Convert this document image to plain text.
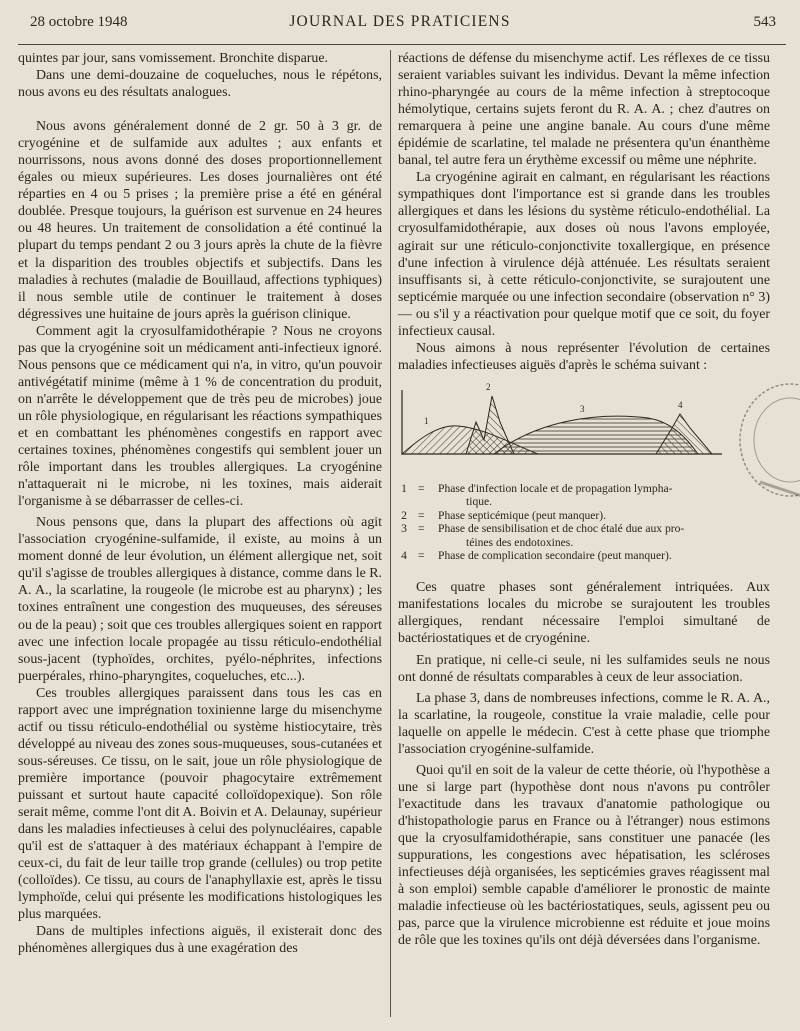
28 octobre 1948	JOURNAL DES PRATICIENS	543

quintes par jour, sans vomissement. Bronchite disparue.

Dans une demi-douzaine de coqueluches, nous le répétons, nous avons eu des résultats analogues.

Nous avons généralement donné de 2 gr. 50 à 3 gr. de cryogénine et de sulfamide aux adultes ; aux enfants et nourrissons, nous avons donné des doses proportionnellement égales ou mieux supérieures. Les doses journalières ont été réparties en 4 ou 5 prises ; la première prise a été en général doublée. Presque toujours, la guérison est survenue en 24 heures ou 48 heures. Un traitement de consolidation a été continué la plupart du temps pendant 2 ou 3 jours après la chute de la fièvre et la disparition des troubles objectifs et subjectifs. Dans les maladies à rechutes (maladie de Bouillaud, affections typhiques) il nous semble utile de continuer le traitement à doses dégressives une huitaine de jours après la guérison clinique.

Comment agit la cryosulfamidothérapie ? Nous ne croyons pas que la cryogénine soit un médicament anti-infectieux ignoré. Nous pensons que ce médicament qui n'a, in vitro, qu'un pouvoir antivégétatif minime (même à 1 % de concentration du produit, on n'arrête le développement que de très peu de microbes) joue un rôle physiologique, en régularisant les réactions sympathiques et en combattant les phénomènes congestifs en rapport avec certaines toxines, phénomènes congestifs qui semblent jouer un rôle important dans les troubles allergiques. La cryogénine n'attaquerait ni le microbe, ni les toxines, mais aiderait l'organisme à se débarrasser de celles-ci.

Nous pensons que, dans la plupart des affections où agit l'association cryogénine-sulfamide, il existe, au moins à un moment donné de leur évolution, un élément allergique net, soit qu'il s'agisse de troubles allergiques à distance, comme dans le R. A. A., la scarlatine, la rougeole (le microbe est au pharynx) ; les toxines entraînent une congestion des muqueuses, des séreuses ou de la peau) ; soit que ces troubles allergiques soient en rapport avec une infection locale propagée au tissu réticulo-endothélial sous-jacent (typhoïdes, orchites, pyélo-néphrites, infections puerpérales, rhino-pharyngites, coqueluches, etc...).

Ces troubles allergiques paraissent dans tous les cas en rapport avec une imprégnation toxinienne large du misenchyme actif ou tissu réticulo-endothélial ou système histiocytaire, très développé au niveau des zones sous-muqueuses, sous-cutanées et sous-séreuses. Ce tissu, on le sait, joue un rôle physiologique de première importance (pouvoir phagocytaire extrêmement puissant et surtout haute capacité colloïdopexique). Son rôle serait même, comme l'ont dit A. Boivin et A. Delaunay, supérieur dans les maladies infectieuses à celui des polynucléaires, capable qu'il est de s'attaquer à des matériaux échappant à l'empire de ceux-ci, du fait de leur taille trop grande (cellules) ou trop petite (colloïdes). Ce tissu, au cours de l'anaphyllaxie est, après le tissu lymphoïde, celui qui présente les modifications histologiques les plus marquées.

Dans de multiples infections aiguës, il existerait donc des phénomènes allergiques dus à une exagération des

réactions de défense du misenchyme actif. Les réflexes de ce tissu seraient variables suivant les individus. Devant la même infection rhino-pharyngée au cours de la même infection à streptocoque hémolytique, certains sujets feront du R. A. A. ; chez d'autres on remarquera à peine une angine banale. Au cours d'une même épidémie de scarlatine, tel malade ne présentera qu'un énanthème banal, tel autre fera un érythème excessif ou même une néphrite.

La cryogénine agirait en calmant, en régularisant les réactions sympathiques dont l'importance est si grande dans les troubles allergiques et dans les lésions du système réticulo-endothélial. La cryosulfamidothérapie, aux doses où nous l'avons employée, agirait sur une réticulo-conjonctivite toxallergique, en présence d'une infection à virulence déjà atténuée. Les résultats seraient insuffisants si, à cette réticulo-conjonctivite, se surajoutent une septicémie marquée ou une infection secondaire (observation n° 3) — ou s'il y a réactivation pour quelque motif que ce soit, du foyer infectieux causal.

Nous aimons à nous représenter l'évolution de certaines maladies infectieuses aiguës d'après le schéma suivant :

1
2
3	4
1 = Phase d'infection locale et de propagation lympha-
tique.
2 = Phase septicémique (peut manquer).
3 = Phase de sensibilisation et de choc étalé due aux pro-
téines des endotoxines.
4 = Phase de complication secondaire (peut manquer).

Ces quatre phases sont généralement intriquées. Aux manifestations locales du microbe se surajoutent les troubles allergiques, rendant nécessaire l'emploi simultané de bactériostatiques et de cryogénine.

En pratique, ni celle-ci seule, ni les sulfamides seuls ne nous ont donné de résultats comparables à ceux de leur association.

La phase 3, dans de nombreuses infections, comme le R. A. A., la scarlatine, la rougeole, constitue la vraie maladie, celle pour laquelle on appelle le médecin. C'est à cette phase que triomphe l'association cryogénine-sulfamide.

Quoi qu'il en soit de la valeur de cette théorie, où l'hypothèse a une si large part (hypothèse dont nous n'avons pu contrôler l'exactitude dans les travaux d'anatomie pathologique ou d'histopathologie parus en France ou à l'étranger) nous estimons que la cryosulfamidothérapie, sans constituer une panacée (les suppurations, les congestions avec hépatisation, les scléroses infectieuses déjà organisées, les septicémies graves réagissent mal à son emploi) semble capable d'améliorer le pronostic de mainte maladie infectieuse où les bactériostatiques, seuls, agissent peu ou pas, parce que la virulence microbienne est réduite et joue moins de rôle que les toxines qu'ils ont déjà déversées dans l'organisme.
